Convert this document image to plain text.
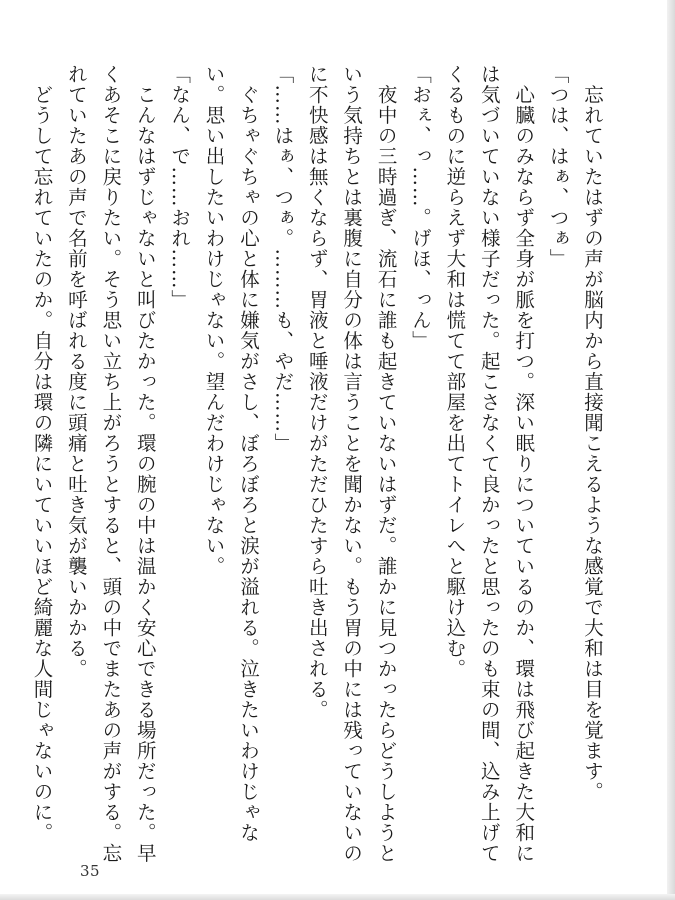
　忘れていたはずの声が脳内から直接聞こえるような感覚で大和は目を覚ます。
「つは、はぁ、つぁ」
　心臓のみならず全身が脈を打つ。深い眠りについているのか、環は飛び起きた大和に
は気づいていない様子だった。起こさなくて良かったと思ったのも束の間、込み上げて
くるものに逆らえず大和は慌てて部屋を出てトイレへと駆け込む。
「おぇ、っ……。げほ、っん」
　夜中の三時過ぎ、流石に誰も起きていないはずだ。誰かに見つかったらどうしようと
いう気持ちとは裏腹に自分の体は言うことを聞かない。もう胃の中には残っていないの
に不快感は無くならず、胃液と唾液だけがただひたすら吐き出される。
「……はぁ、つぁ。………も、やだ……」
　ぐちゃぐちゃの心と体に嫌気がさし、ぼろぼろと涙が溢れる。泣きたいわけじゃな
い。思い出したいわけじゃない。望んだわけじゃない。
「なん、で……おれ……」
　こんなはずじゃないと叫びたかった。環の腕の中は温かく安心できる場所だった。早
くあそこに戻りたい。そう思い立ち上がろうとすると、頭の中でまたあの声がする。忘
れていたあの声で名前を呼ばれる度に頭痛と吐き気が襲いかかる。
　どうして忘れていたのか。自分は環の隣にいていいほど綺麗な人間じゃないのに。
35
